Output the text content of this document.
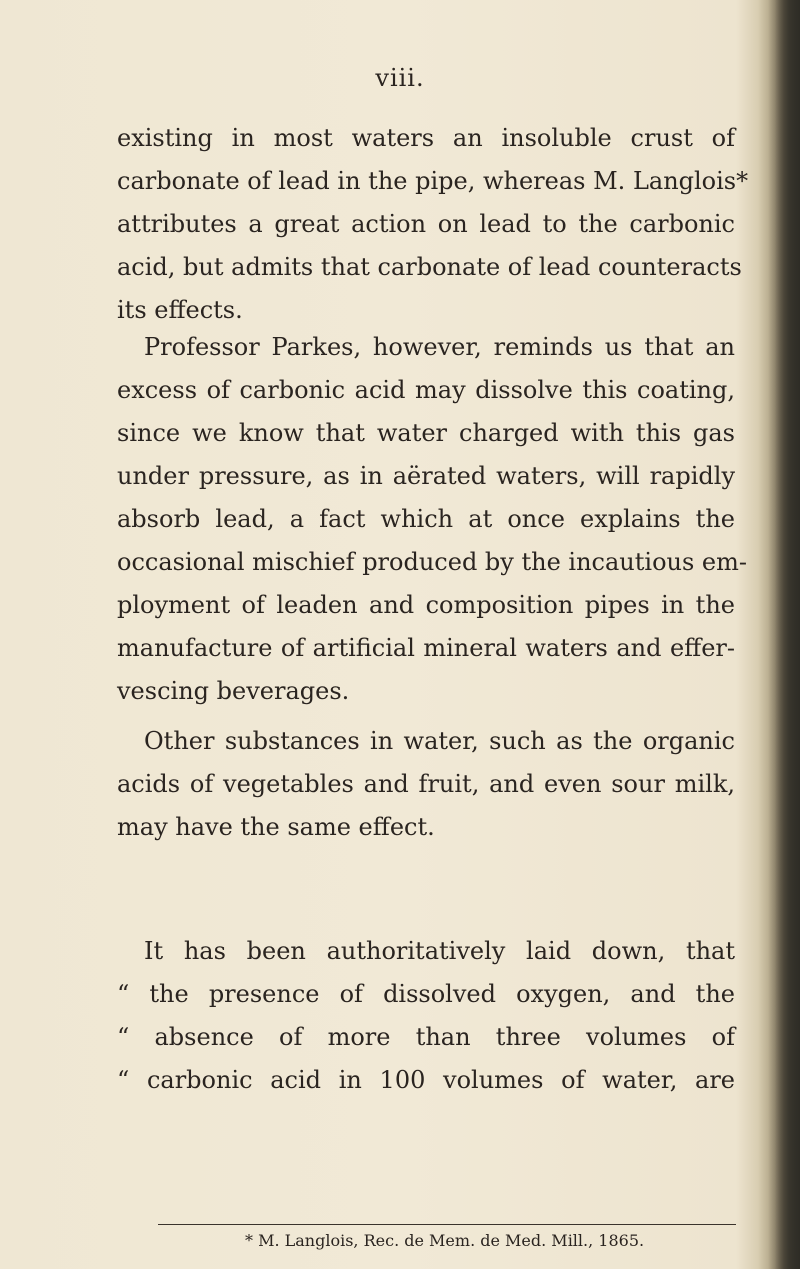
viii.
existing in most waters an insoluble crust of
carbonate of lead in the pipe, whereas M. Langlois*
attributes a great action on lead to the carbonic
acid, but admits that carbonate of lead counteracts
its effects.
Professor Parkes, however, reminds us that an
excess of carbonic acid may dissolve this coating,
since we know that water charged with this gas
under pressure, as in aërated waters, will rapidly
absorb lead, a fact which at once explains the
occasional mischief produced by the incautious em-
ployment of leaden and composition pipes in the
manufacture of artificial mineral waters and effer-
vescing beverages.
Other substances in water, such as the organic
acids of vegetables and fruit, and even sour milk,
may have the same effect.
It has been authoritatively laid down, that
“ the presence of dissolved oxygen, and the
“ absence of more than three volumes of
“ carbonic acid in 100 volumes of water, are
* M. Langlois, Rec. de Mem. de Med. Mill., 1865.
